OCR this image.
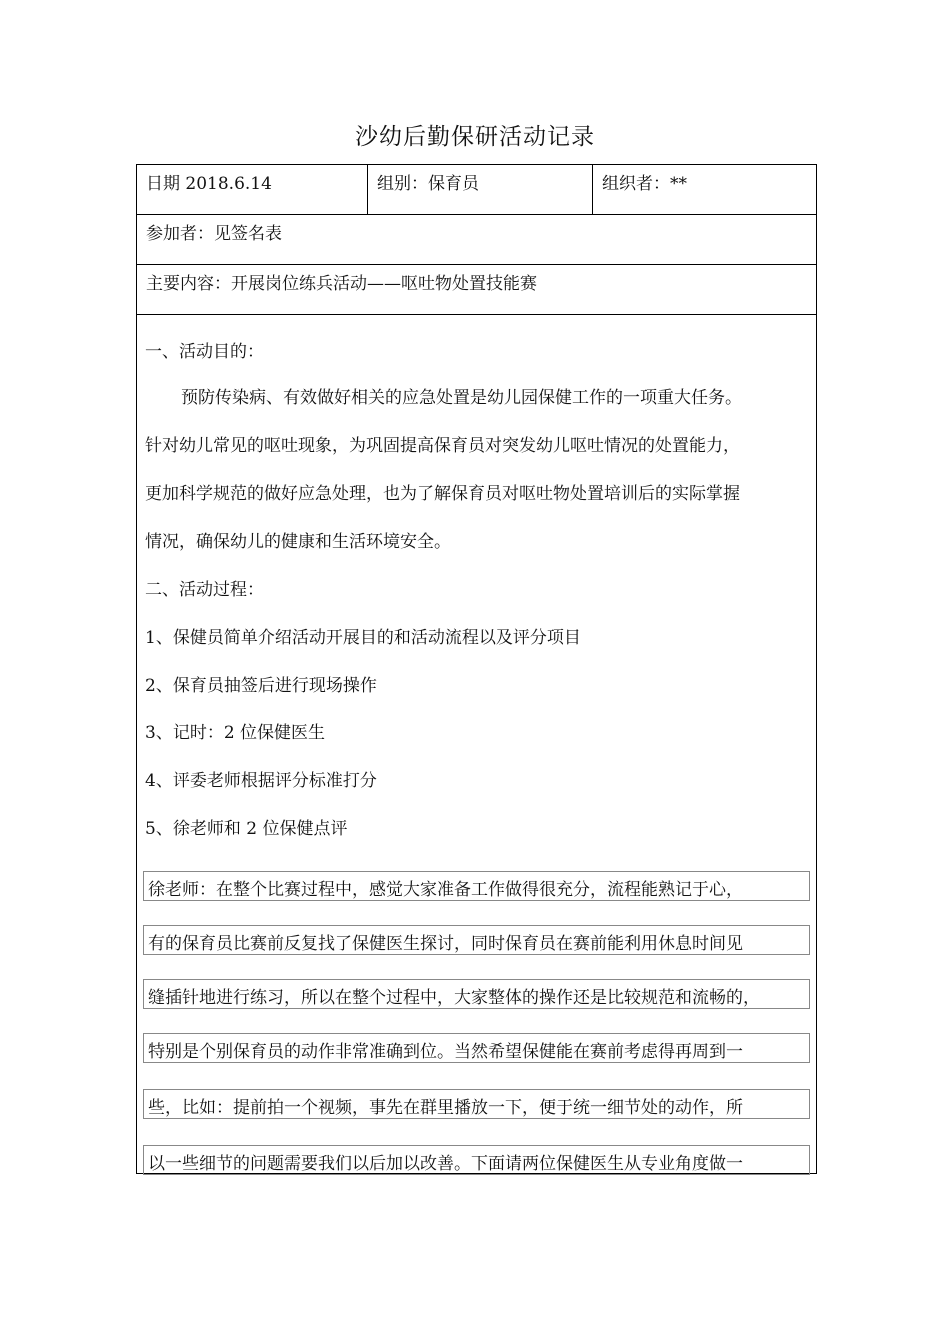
沙幼后勤保研活动记录
日期 2018.6.14	组别：保育员	组织者：**
参加者：见签名表
主要内容：开展岗位练兵活动——呕吐物处置技能赛
一、活动目的：
预防传染病、有效做好相关的应急处置是幼儿园保健工作的一项重大任务。
针对幼儿常见的呕吐现象，为巩固提高保育员对突发幼儿呕吐情况的处置能力，
更加科学规范的做好应急处理，也为了解保育员对呕吐物处置培训后的实际掌握
情况，确保幼儿的健康和生活环境安全。
二、活动过程：
1、保健员简单介绍活动开展目的和活动流程以及评分项目
2、保育员抽签后进行现场操作
3、记时：2 位保健医生
4、评委老师根据评分标准打分
5、徐老师和 2 位保健点评
徐老师：在整个比赛过程中，感觉大家准备工作做得很充分，流程能熟记于心，
有的保育员比赛前反复找了保健医生探讨，同时保育员在赛前能利用休息时间见
缝插针地进行练习，所以在整个过程中，大家整体的操作还是比较规范和流畅的，
特别是个别保育员的动作非常准确到位。当然希望保健能在赛前考虑得再周到一
些，比如：提前拍一个视频，事先在群里播放一下，便于统一细节处的动作，所
以一些细节的问题需要我们以后加以改善。下面请两位保健医生从专业角度做一
